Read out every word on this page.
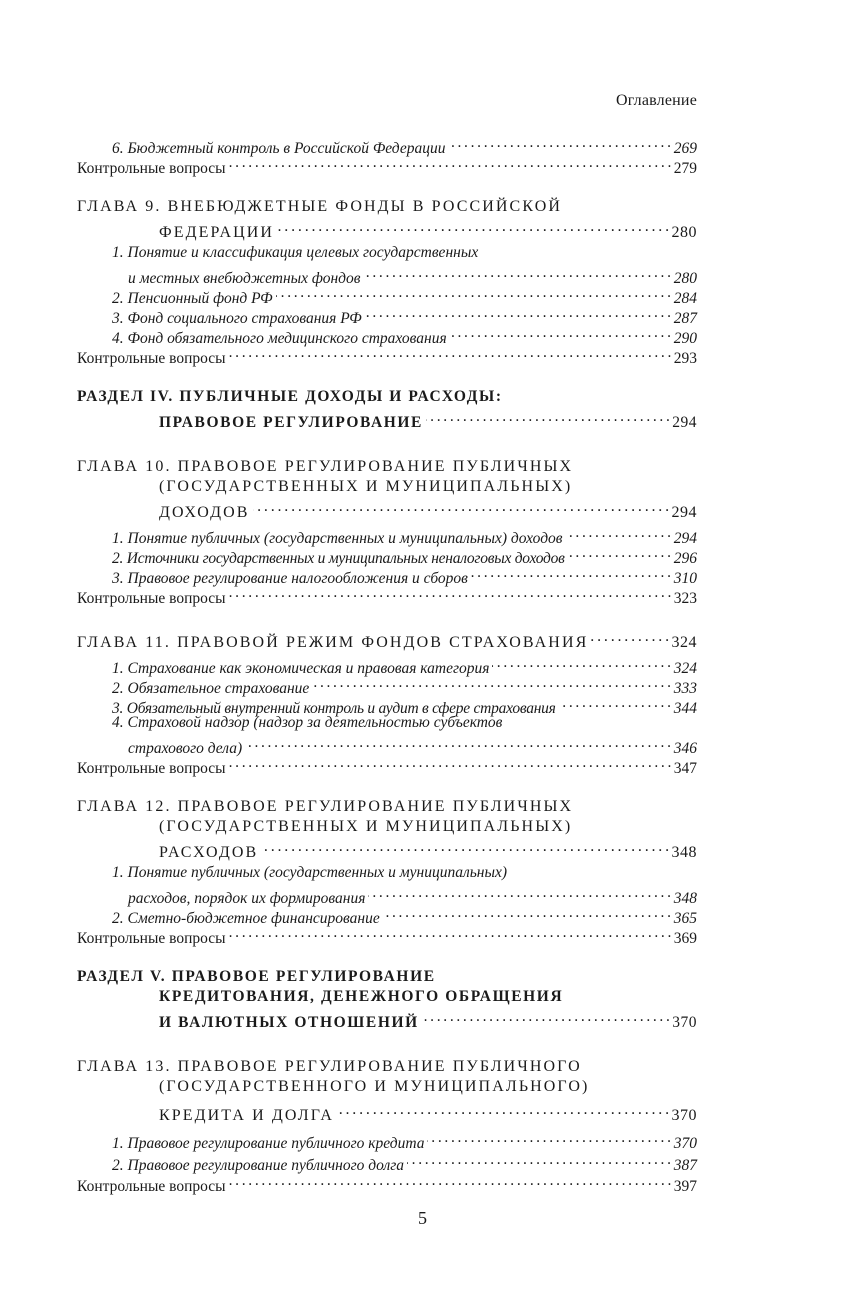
Оглавление
6. Бюджетный контроль в Российской Федерации . . .	269
Контрольные вопросы . . .	279
ГЛАВА 9. ВНЕБЮДЖЕТНЫЕ ФОНДЫ В РОССИЙСКОЙ
ФЕДЕРАЦИИ . . .	280
1. Понятие и классификация целевых государственных
и местных внебюджетных фондов . . .	280
2. Пенсионный фонд РФ . . .	284
3. Фонд социального страхования РФ . . .	287
4. Фонд обязательного медицинского страхования . . .	290
Контрольные вопросы . . .	293
РАЗДЕЛ IV. ПУБЛИЧНЫЕ ДОХОДЫ И РАСХОДЫ:
ПРАВОВОЕ РЕГУЛИРОВАНИЕ . . .	294
ГЛАВА 10. ПРАВОВОЕ РЕГУЛИРОВАНИЕ ПУБЛИЧНЫХ
(ГОСУДАРСТВЕННЫХ И МУНИЦИПАЛЬНЫХ)
ДОХОДОВ . . .	294
1. Понятие публичных (государственных и муниципальных) доходов . . .	294
2. Источники государственных и муниципальных неналоговых доходов . . .	296
3. Правовое регулирование налогообложения и сборов . . .	310
Контрольные вопросы . . .	323
ГЛАВА 11. ПРАВОВОЙ РЕЖИМ ФОНДОВ СТРАХОВАНИЯ . . .	324
1. Страхование как экономическая и правовая категория . . .	324
2. Обязательное страхование . . .	333
3. Обязательный внутренний контроль и аудит в сфере страхования . . .	344
4. Страховой надзор (надзор за деятельностью субъектов
страхового дела) . . .	346
Контрольные вопросы . . .	347
ГЛАВА 12. ПРАВОВОЕ РЕГУЛИРОВАНИЕ ПУБЛИЧНЫХ
(ГОСУДАРСТВЕННЫХ И МУНИЦИПАЛЬНЫХ)
РАСХОДОВ . . .	348
1. Понятие публичных (государственных и муниципальных)
расходов, порядок их формирования . . .	348
2. Сметно-бюджетное финансирование . . .	365
Контрольные вопросы . . .	369
РАЗДЕЛ V. ПРАВОВОЕ РЕГУЛИРОВАНИЕ
КРЕДИТОВАНИЯ, ДЕНЕЖНОГО ОБРАЩЕНИЯ
И ВАЛЮТНЫХ ОТНОШЕНИЙ . . .	370
ГЛАВА 13. ПРАВОВОЕ РЕГУЛИРОВАНИЕ ПУБЛИЧНОГО
(ГОСУДАРСТВЕННОГО И МУНИЦИПАЛЬНОГО)
КРЕДИТА И ДОЛГА . . .	370
1. Правовое регулирование публичного кредита . . .	370
2. Правовое регулирование публичного долга . . .	387
Контрольные вопросы . . .	397
5
